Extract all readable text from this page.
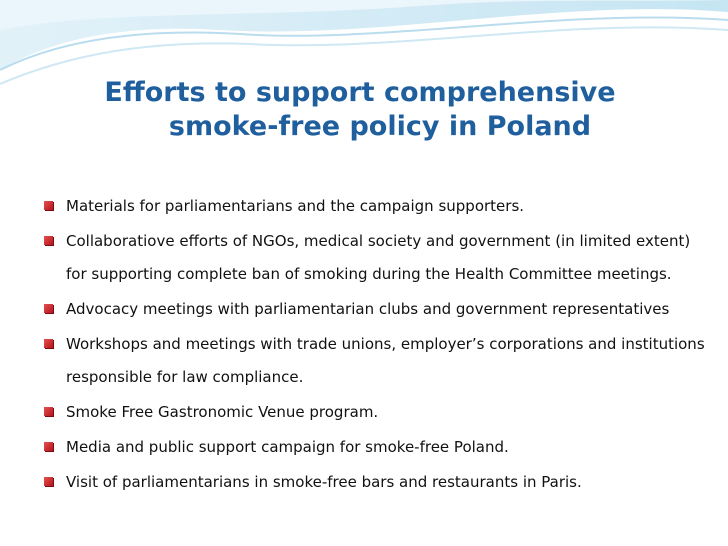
Efforts to support comprehensive
smoke-free policy in Poland
Materials for parliamentarians and the campaign supporters.
Collaboratiove efforts of NGOs, medical society and government (in limited extent) for supporting complete ban of smoking during the Health Committee meetings.
Advocacy meetings with parliamentarian clubs and government representatives
Workshops and meetings with trade unions, employer’s corporations and institutions responsible for law compliance.
Smoke Free Gastronomic Venue program.
Media and public support campaign for smoke-free Poland.
Visit of parliamentarians in smoke-free bars and restaurants in Paris.
